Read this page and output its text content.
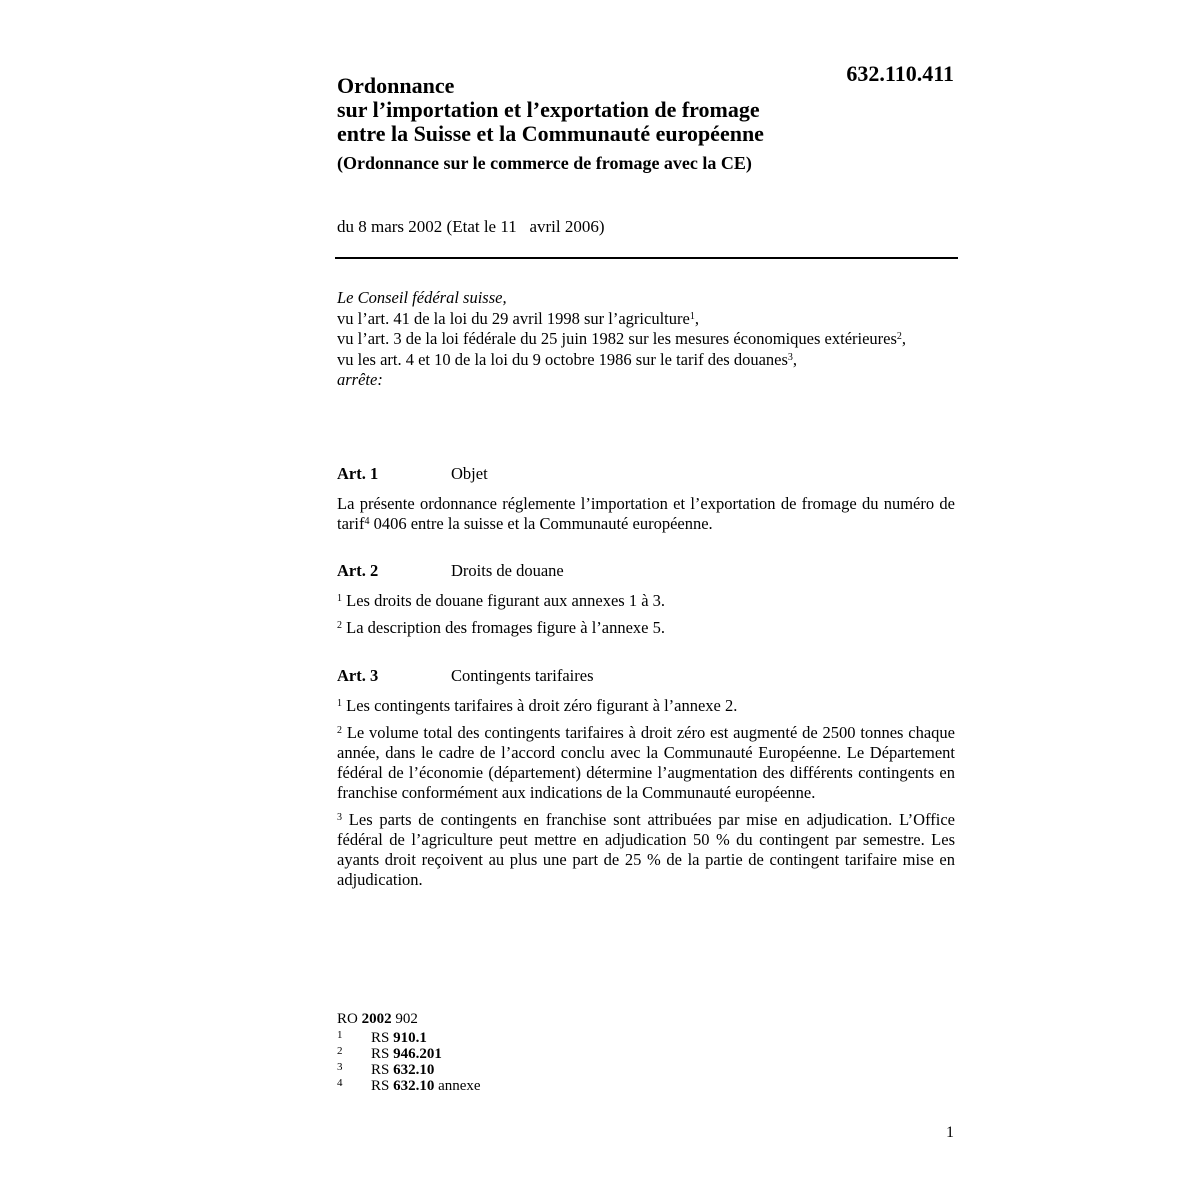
632.110.411
Ordonnance
sur l’importation et l’exportation de fromage
entre la Suisse et la Communauté européenne
(Ordonnance sur le commerce de fromage avec la CE)
du 8 mars 2002 (Etat le 11   avril 2006)

Le Conseil fédéral suisse,

vu l’art. 41 de la loi du 29 avril 1998 sur l’agriculture$^1$,

vu l’art. 3 de la loi fédérale du 25 juin 1982 sur les mesures économiques extérieures$^2$,

vu les art. 4 et 10 de la loi du 9 octobre 1986 sur le tarif des douanes$^3$,

arrête:

Art. 1	Objet

La présente ordonnance réglemente l’importation et l’exportation de fromage du numéro de tarif$^4$ 0406 entre la suisse et la Communauté européenne.

Art. 2	Droits de douane

$^1$ Les droits de douane figurant aux annexes 1 à 3.

$^2$ La description des fromages figure à l’annexe 5.

Art. 3	Contingents tarifaires

$^1$ Les contingents tarifaires à droit zéro figurant à l’annexe 2.

$^2$ Le volume total des contingents tarifaires à droit zéro est augmenté de 2500 tonnes chaque année, dans le cadre de l’accord conclu avec la Communauté Européenne. Le Département fédéral de l’économie (département) détermine l’augmentation des différents contingents en franchise conformément aux indications de la Communauté européenne.

$^3$ Les parts de contingents en franchise sont attribuées par mise en adjudication. L’Office fédéral de l’agriculture peut mettre en adjudication 50 % du contingent par semestre. Les ayants droit reçoivent au plus une part de 25 % de la partie de contingent tarifaire mise en adjudication.

RO 2002 902
1 RS 910.1
2 RS 946.201
3 RS 632.10
4 RS 632.10 annexe
1
